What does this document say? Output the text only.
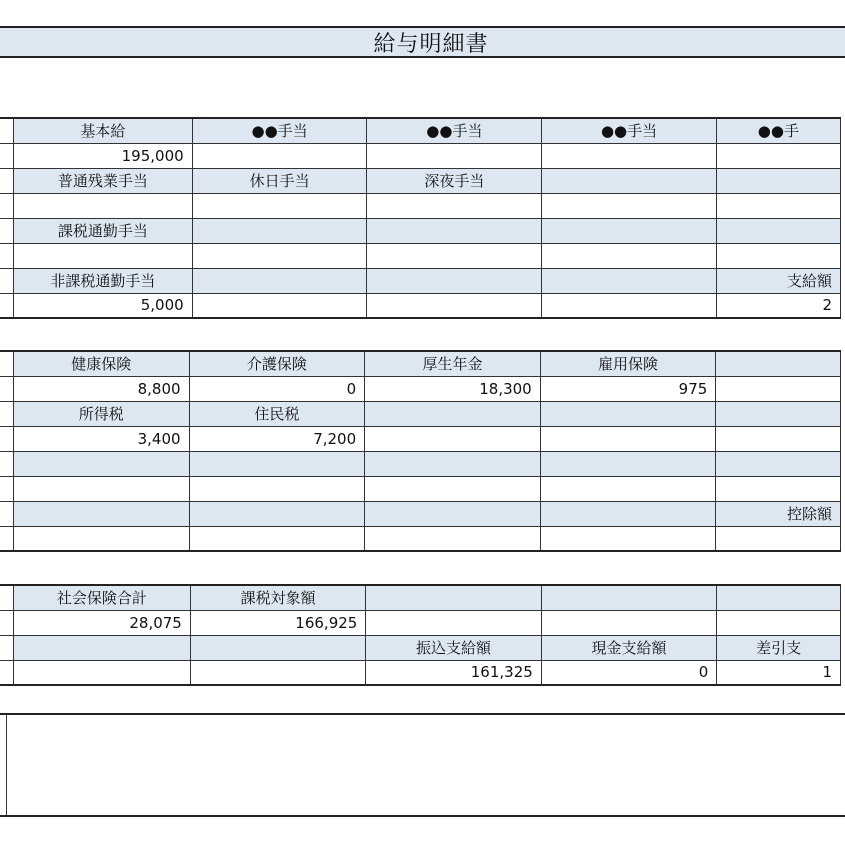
給与明細書
	基本給	●●手当	●●手当	●●手当	●●手
	195,000				
	普通残業手当	休日手当	深夜手当		

	課税通勤手当				

	非課税通勤手当				支給額
	5,000				2
	健康保険	介護保険	厚生年金	雇用保険	
	8,800	0	18,300	975	
	所得税	住民税			
	3,400	7,200			

					控除額

	社会保険合計	課税対象額			
	28,075	166,925			
			振込支給額	現金支給額	差引支
			161,325	0	1
